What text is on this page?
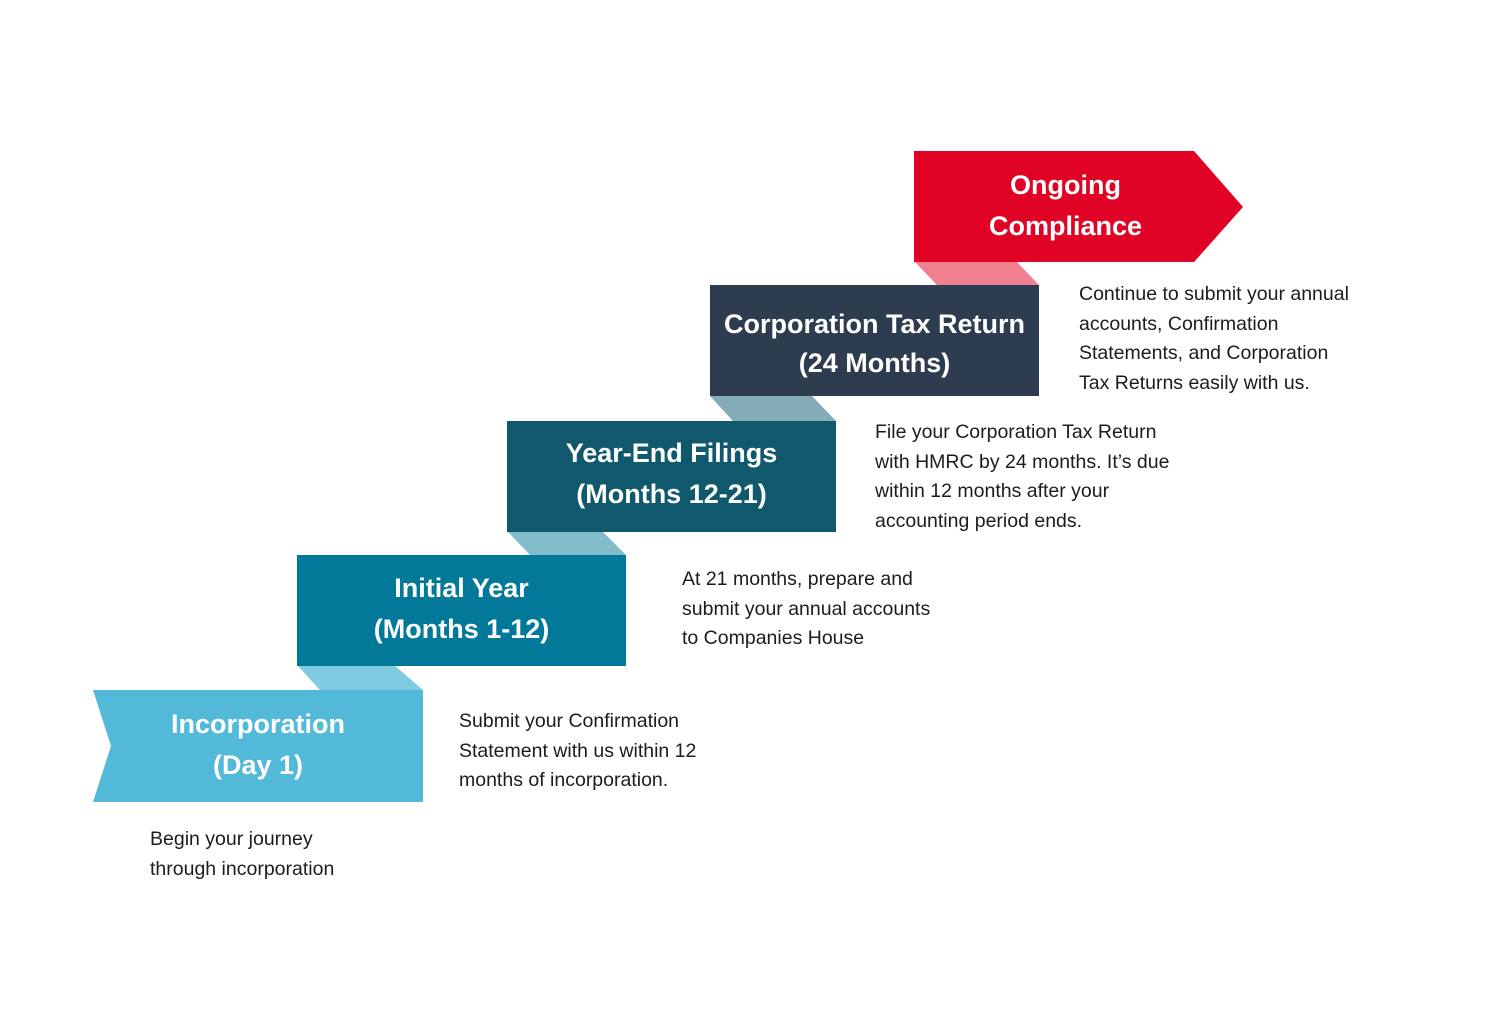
Incorporation
(Day 1)
Initial Year
(Months 1-12)
Year-End Filings
(Months 12-21)
Corporation Tax Return
(24 Months)
Ongoing
Compliance
Begin your journey
through incorporation
Submit your Confirmation
Statement with us within 12
months of incorporation.
At 21 months, prepare and
submit your annual accounts
to Companies House
File your Corporation Tax Return
with HMRC by 24 months. It’s due
within 12 months after your
accounting period ends.
Continue to submit your annual
accounts, Confirmation
Statements, and Corporation
Tax Returns easily with us.
